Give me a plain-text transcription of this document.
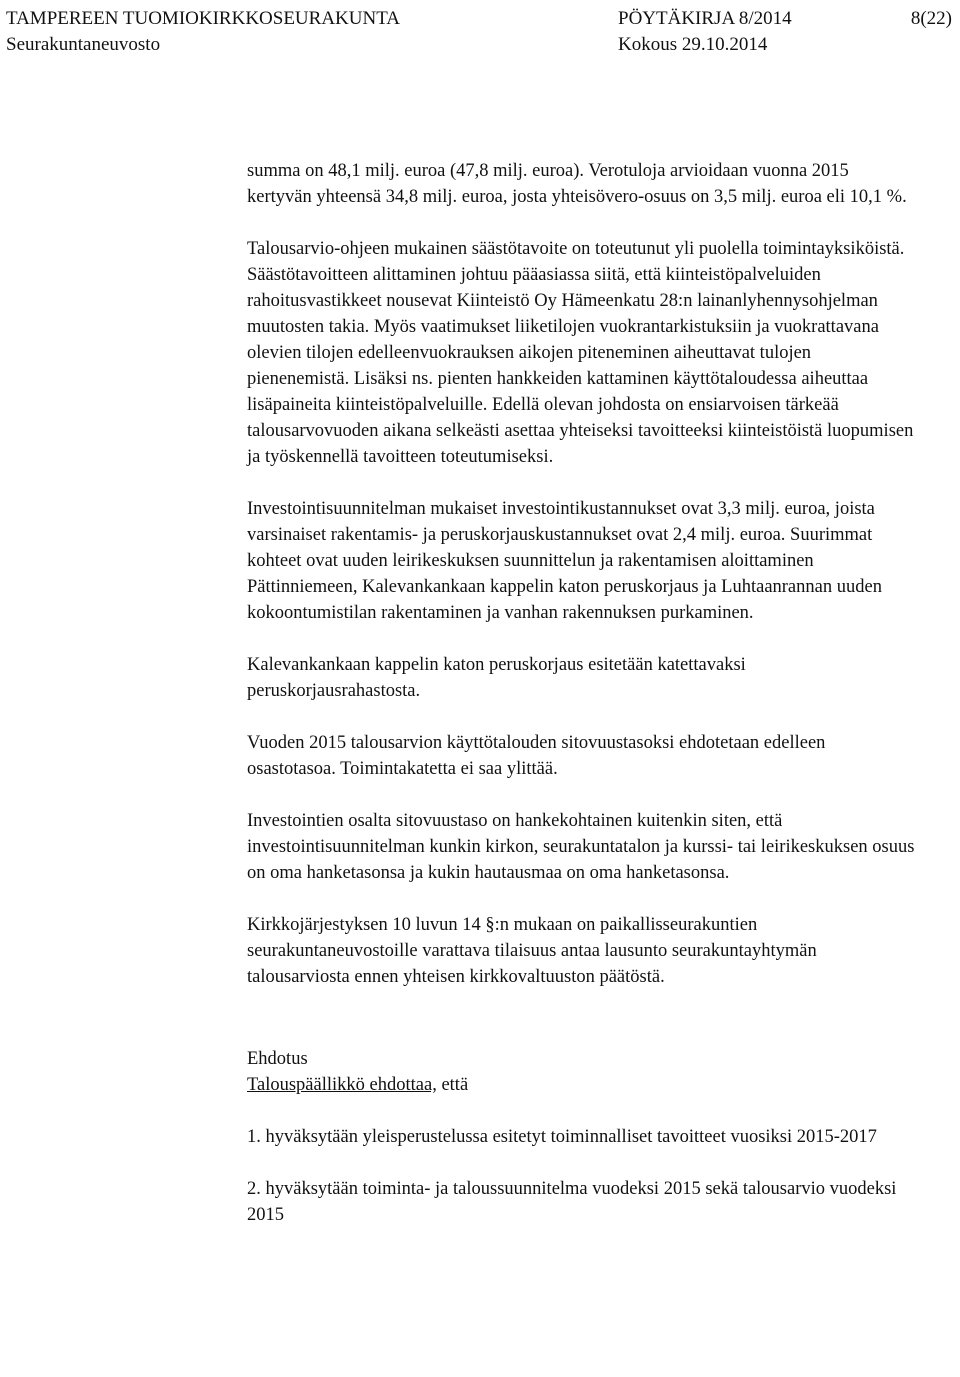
TAMPEREEN TUOMIOKIRKKOSEURAKUNTA	PÖYTÄKIRJA 8/2014	8(22)
Seurakuntaneuvosto	Kokous 29.10.2014

summa on 48,1 milj. euroa (47,8 milj. euroa). Verotuloja arvioidaan vuonna 2015 kertyvän yhteensä 34,8 milj. euroa, josta yhteisövero-osuus on 3,5 milj. euroa eli 10,1 %.

Talousarvio-ohjeen mukainen säästötavoite on toteutunut yli puolella toimintayksiköistä. Säästötavoitteen alittaminen johtuu pääasiassa siitä, että kiinteistöpalveluiden rahoitusvastikkeet nousevat Kiinteistö Oy Hämeenkatu 28:n lainanlyhennysohjelman muutosten takia. Myös vaatimukset liiketilojen vuokrantarkistuksiin ja vuokrattavana olevien tilojen edelleenvuokrauksen aikojen piteneminen aiheuttavat tulojen pienenemistä. Lisäksi ns. pienten hankkeiden kattaminen käyttötaloudessa aiheuttaa lisäpaineita kiinteistöpalveluille. Edellä olevan johdosta on ensiarvoisen tärkeää talousarvovuoden aikana selkeästi asettaa yhteiseksi tavoitteeksi kiinteistöistä luopumisen ja työskennellä tavoitteen toteutumiseksi.

Investointisuunnitelman mukaiset investointikustannukset ovat 3,3 milj. euroa, joista varsinaiset rakentamis- ja peruskorjauskustannukset ovat 2,4 milj. euroa. Suurimmat kohteet ovat uuden leirikeskuksen suunnittelun ja rakentamisen aloittaminen Pättinniemeen, Kalevankankaan kappelin katon peruskorjaus ja Luhtaanrannan uuden kokoontumistilan rakentaminen ja vanhan rakennuksen purkaminen.

Kalevankankaan kappelin katon peruskorjaus esitetään katettavaksi peruskorjausrahastosta.

Vuoden 2015 talousarvion käyttötalouden sitovuustasoksi ehdotetaan edelleen osastotasoa. Toimintakatetta ei saa ylittää.

Investointien osalta sitovuustaso on hankekohtainen kuitenkin siten, että investointisuunnitelman kunkin kirkon, seurakuntatalon ja kurssi- tai leirikeskuksen osuus on oma hanketasonsa ja kukin hautausmaa on oma hanketasonsa.

Kirkkojärjestyksen 10 luvun 14 §:n mukaan on paikallisseurakuntien seurakuntaneuvostoille varattava tilaisuus antaa lausunto seurakuntayhtymän talousarviosta ennen yhteisen kirkkovaltuuston päätöstä.

Ehdotus

Talouspäällikkö ehdottaa, että

1. hyväksytään yleisperustelussa esitetyt toiminnalliset tavoitteet vuosiksi 2015-2017

2. hyväksytään toiminta- ja taloussuunnitelma vuodeksi 2015 sekä talousarvio vuodeksi 2015
